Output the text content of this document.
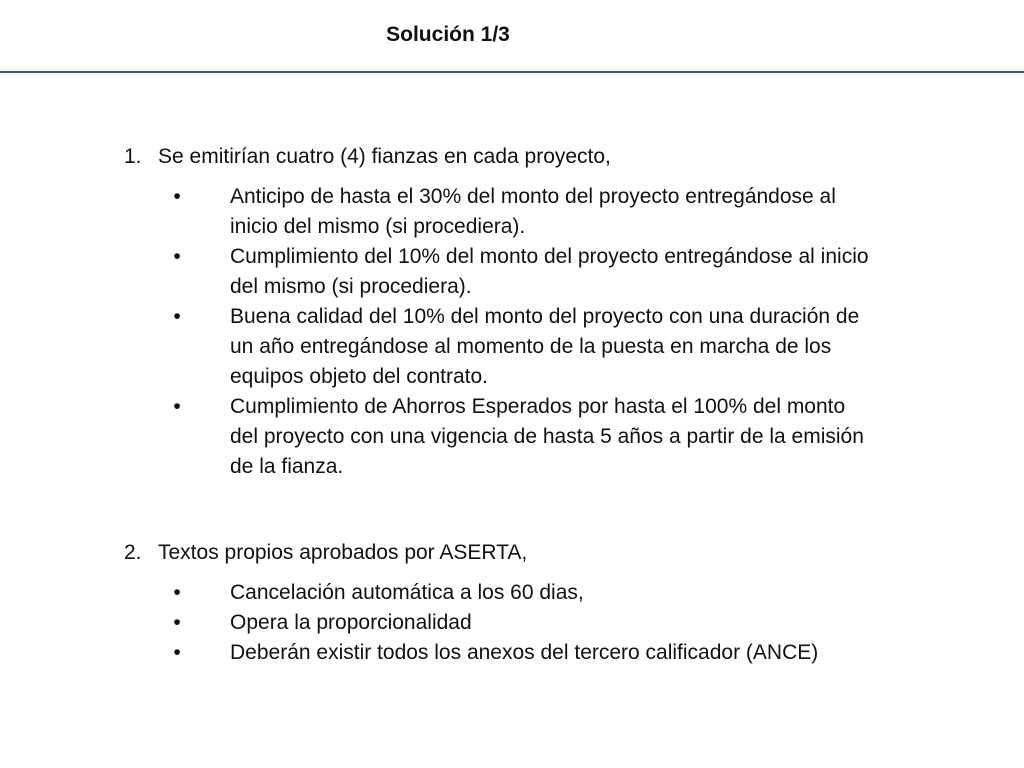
Solución 1/3
1. Se emitirían cuatro (4) fianzas en cada proyecto,
•	Anticipo de hasta el 30% del monto del proyecto entregándose al inicio del mismo (si procediera).
•	Cumplimiento del 10% del monto del proyecto entregándose al inicio del mismo (si procediera).
•	Buena calidad del 10% del monto del proyecto con una duración de un año entregándose al momento de la puesta en marcha de los equipos objeto del contrato.
•	Cumplimiento de Ahorros Esperados por hasta el 100% del monto del proyecto con una vigencia de hasta 5 años a partir de la emisión de la fianza.
2. Textos propios aprobados por ASERTA,
•	Cancelación automática a los 60 dias,
•	Opera la proporcionalidad
•	Deberán existir todos los anexos del tercero calificador (ANCE)
